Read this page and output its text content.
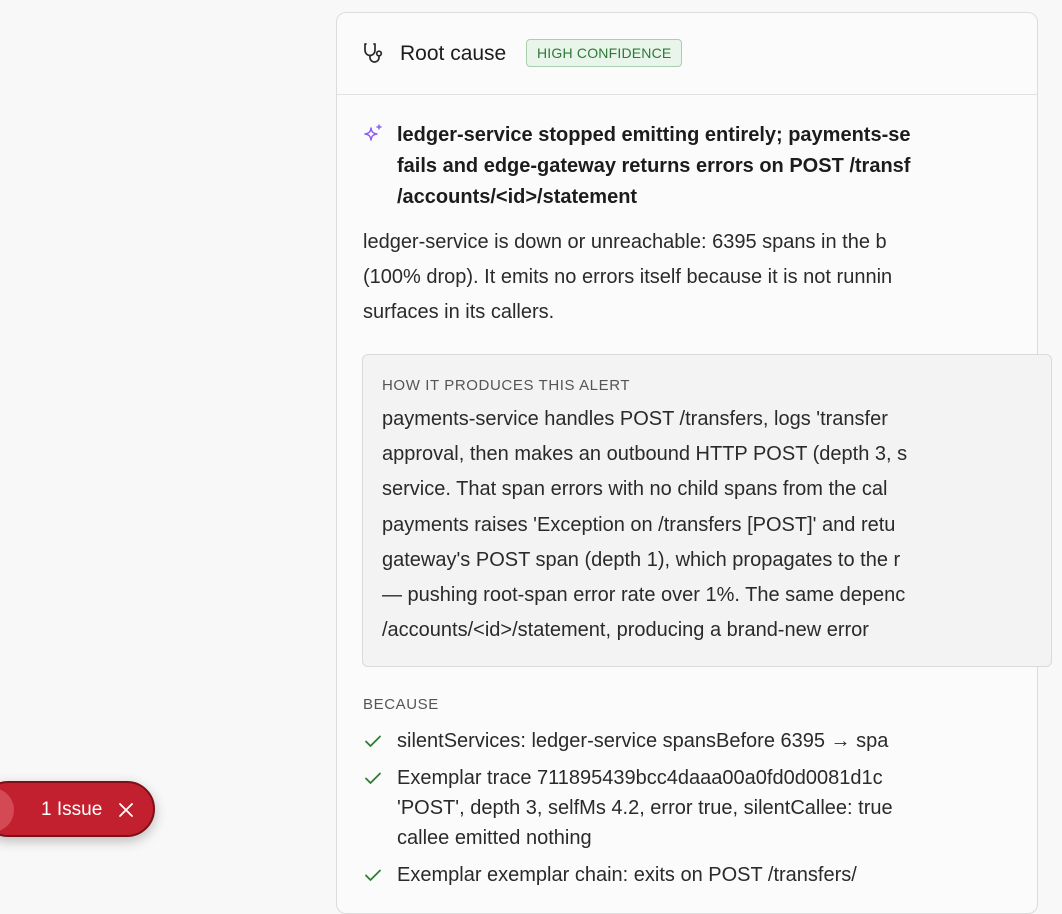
Root cause	HIGH CONFIDENCE
ledger-service stopped emitting entirely; payments-se
fails and edge-gateway returns errors on POST /transf
/accounts/<id>/statement
ledger-service is down or unreachable: 6395 spans in the b
(100% drop). It emits no errors itself because it is not runnin
surfaces in its callers.
HOW IT PRODUCES THIS ALERT
payments-service handles POST /transfers, logs 'transfer
approval, then makes an outbound HTTP POST (depth 3, s
service. That span errors with no child spans from the cal
payments raises 'Exception on /transfers [POST]' and retu
gateway's POST span (depth 1), which propagates to the r
— pushing root-span error rate over 1%. The same depenc
/accounts/<id>/statement, producing a brand-new error
BECAUSE
silentServices: ledger-service spansBefore 6395 → spa
Exemplar trace 711895439bcc4daaa00a0fd0d0081d1c
'POST', depth 3, selfMs 4.2, error true, silentCallee: true
callee emitted nothing
Exemplar exemplar chain: exits on POST /transfers/
1 Issue
